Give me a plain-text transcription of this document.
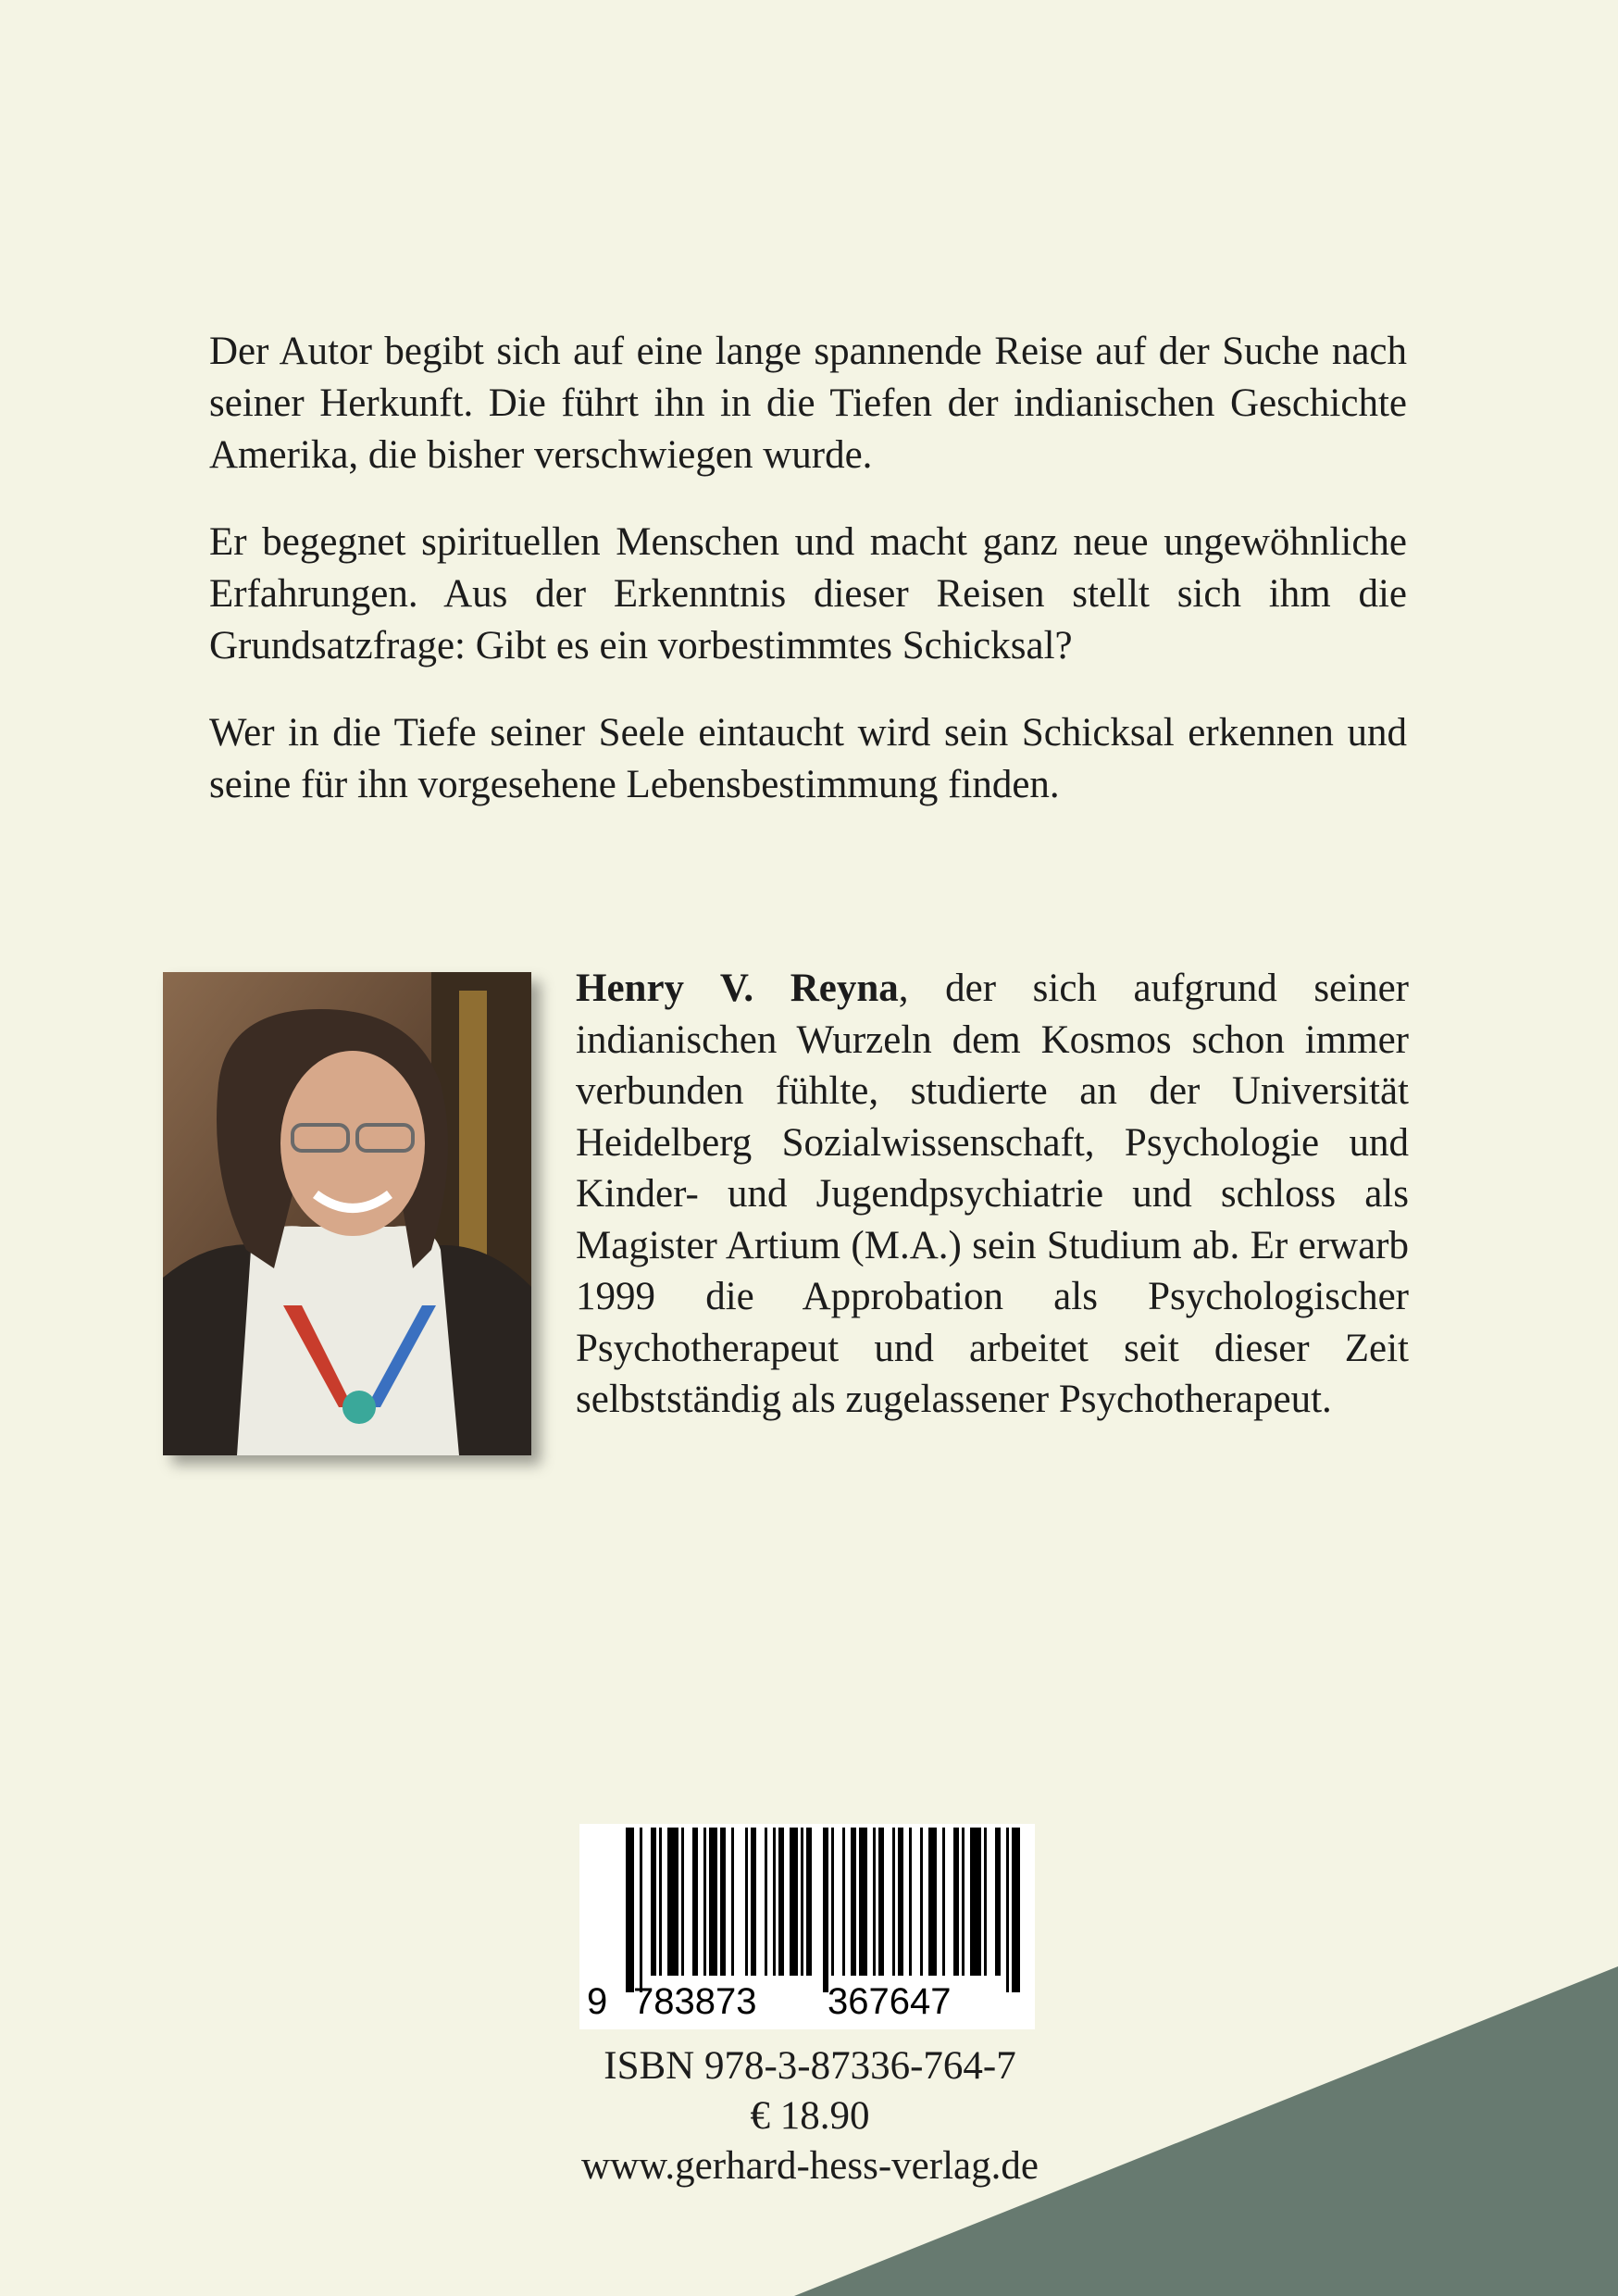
Der Autor begibt sich auf eine lange spannende Reise auf der Suche nach seiner Herkunft. Die führt ihn in die Tiefen der indianischen Geschichte Amerika, die bisher verschwiegen wurde.

Er begegnet spirituellen Menschen und macht ganz neue ungewöhnliche Erfahrungen. Aus der Erkenntnis dieser Reisen stellt sich ihm die Grundsatzfrage: Gibt es ein vorbestimmtes Schicksal?

Wer in die Tiefe seiner Seele eintaucht wird sein Schicksal erkennen und seine für ihn vorgesehene Lebensbestimmung finden.

Henry V. Reyna, der sich aufgrund seiner indianischen Wurzeln dem Kosmos schon immer verbunden fühlte, studierte an der Universität Heidelberg Sozialwissenschaft, Psychologie und Kinder- und Jugendpsychiatrie und schloss als Magister Artium (M.A.) sein Studium ab. Er erwarb 1999 die Approbation als Psychologischer Psychotherapeut und arbeitet seit dieser Zeit selbstständig als zugelassener Psychotherapeut.

9 783873 367647

ISBN 978-3-87336-764-7

€ 18.90

www.gerhard-hess-verlag.de
